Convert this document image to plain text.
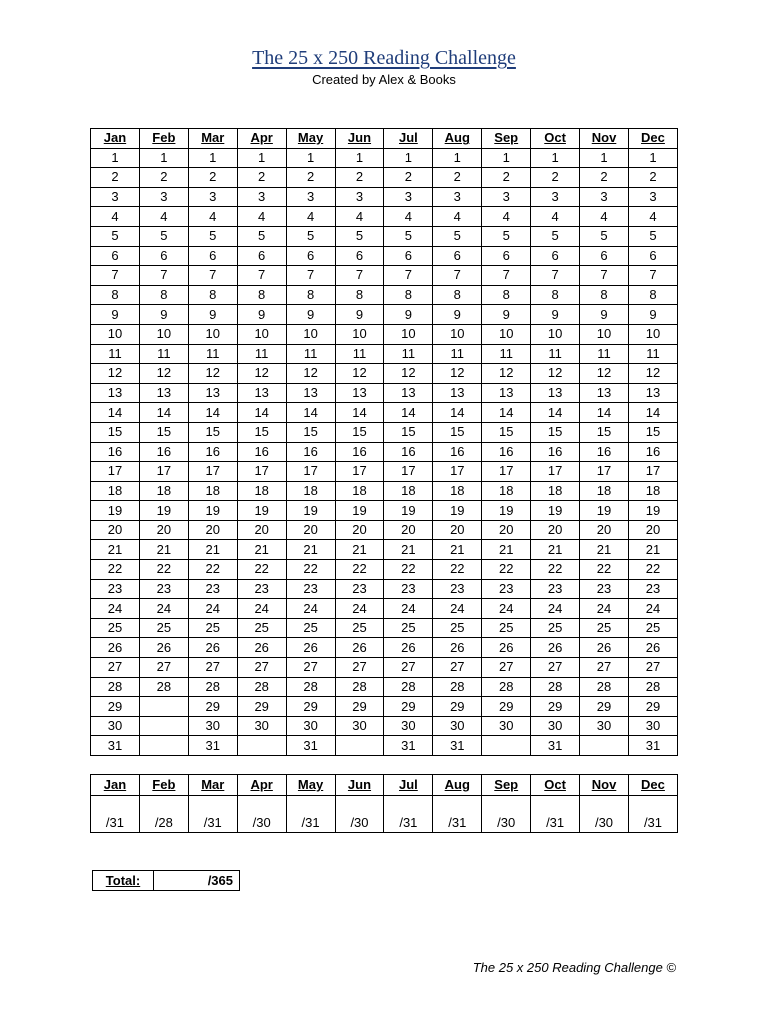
The 25 x 250 Reading Challenge
Created by Alex & Books
Jan	Feb	Mar	Apr	May	Jun	Jul	Aug	Sep	Oct	Nov	Dec
1	1	1	1	1	1	1	1	1	1	1	1
2	2	2	2	2	2	2	2	2	2	2	2
3	3	3	3	3	3	3	3	3	3	3	3
4	4	4	4	4	4	4	4	4	4	4	4
5	5	5	5	5	5	5	5	5	5	5	5
6	6	6	6	6	6	6	6	6	6	6	6
7	7	7	7	7	7	7	7	7	7	7	7
8	8	8	8	8	8	8	8	8	8	8	8
9	9	9	9	9	9	9	9	9	9	9	9
10	10	10	10	10	10	10	10	10	10	10	10
11	11	11	11	11	11	11	11	11	11	11	11
12	12	12	12	12	12	12	12	12	12	12	12
13	13	13	13	13	13	13	13	13	13	13	13
14	14	14	14	14	14	14	14	14	14	14	14
15	15	15	15	15	15	15	15	15	15	15	15
16	16	16	16	16	16	16	16	16	16	16	16
17	17	17	17	17	17	17	17	17	17	17	17
18	18	18	18	18	18	18	18	18	18	18	18
19	19	19	19	19	19	19	19	19	19	19	19
20	20	20	20	20	20	20	20	20	20	20	20
21	21	21	21	21	21	21	21	21	21	21	21
22	22	22	22	22	22	22	22	22	22	22	22
23	23	23	23	23	23	23	23	23	23	23	23
24	24	24	24	24	24	24	24	24	24	24	24
25	25	25	25	25	25	25	25	25	25	25	25
26	26	26	26	26	26	26	26	26	26	26	26
27	27	27	27	27	27	27	27	27	27	27	27
28	28	28	28	28	28	28	28	28	28	28	28
29		29	29	29	29	29	29	29	29	29	29
30		30	30	30	30	30	30	30	30	30	30
31		31		31		31	31		31		31
Jan	Feb	Mar	Apr	May	Jun	Jul	Aug	Sep	Oct	Nov	Dec
/31	/28	/31	/30	/31	/30	/31	/31	/30	/31	/30	/31
Total:	/365
The 25 x 250 Reading Challenge ©
